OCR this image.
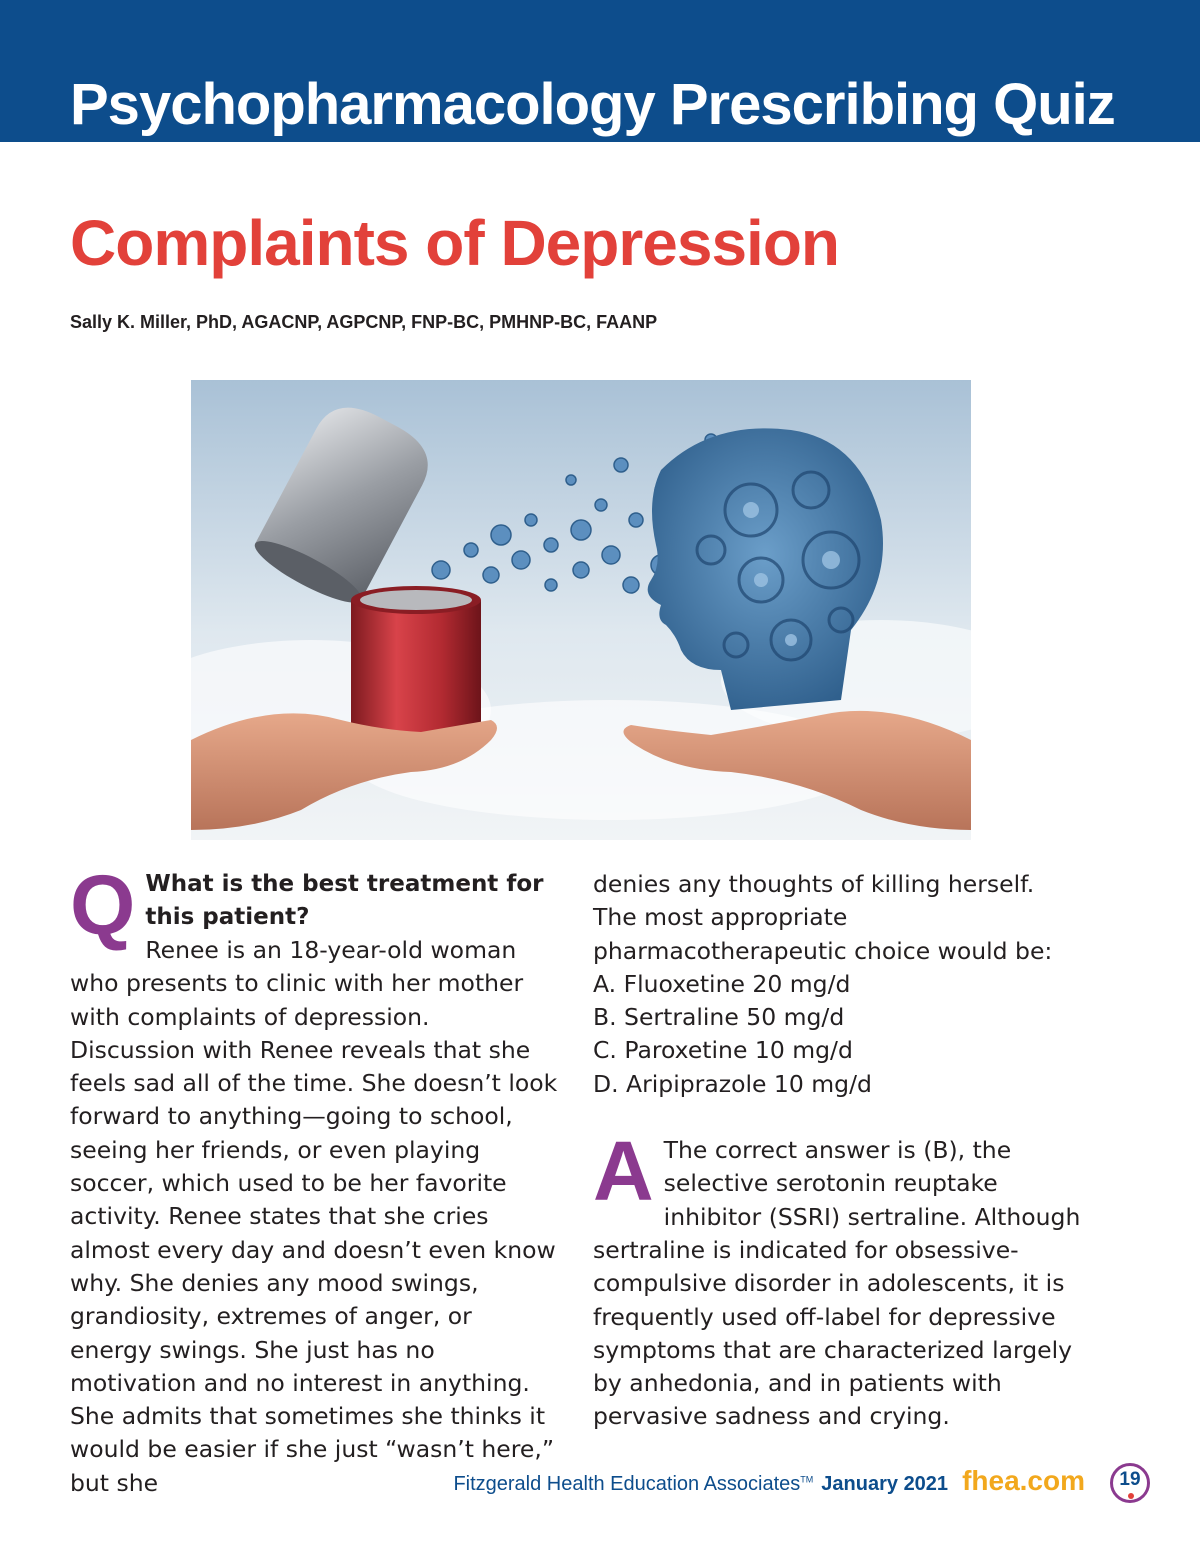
Psychopharmacology Prescribing Quiz
Complaints of Depression
Sally K. Miller, PhD, AGACNP, AGPCNP, FNP-BC, PMHNP-BC, FAANP
Q What is the best treatment for this patient?

Renee is an 18-year-old woman who presents to clinic with her mother with complaints of depression. Discussion with Renee reveals that she feels sad all of the time. She doesn’t look forward to anything—going to school, seeing her friends, or even playing soccer, which used to be her favorite activity. Renee states that she cries almost every day and doesn’t even know why. She denies any mood swings, grandiosity, extremes of anger, or energy swings. She just has no motivation and no interest in anything. She admits that sometimes she thinks it would be easier if she just “wasn’t here,” but she

denies any thoughts of killing herself. The most appropriate pharmacotherapeutic choice would be:

A. Fluoxetine 20 mg/d
B. Sertraline 50 mg/d
C. Paroxetine 10 mg/d
D. Aripiprazole 10 mg/d
A The correct answer is (B), the selective serotonin reuptake inhibitor (SSRI) sertraline. Although sertraline is indicated for obsessive-compulsive disorder in adolescents, it is frequently used off-label for depressive symptoms that are characterized largely by anhedonia, and in patients with pervasive sadness and crying.

Fitzgerald Health Education Associates™ January 2021 fhea.com	19
